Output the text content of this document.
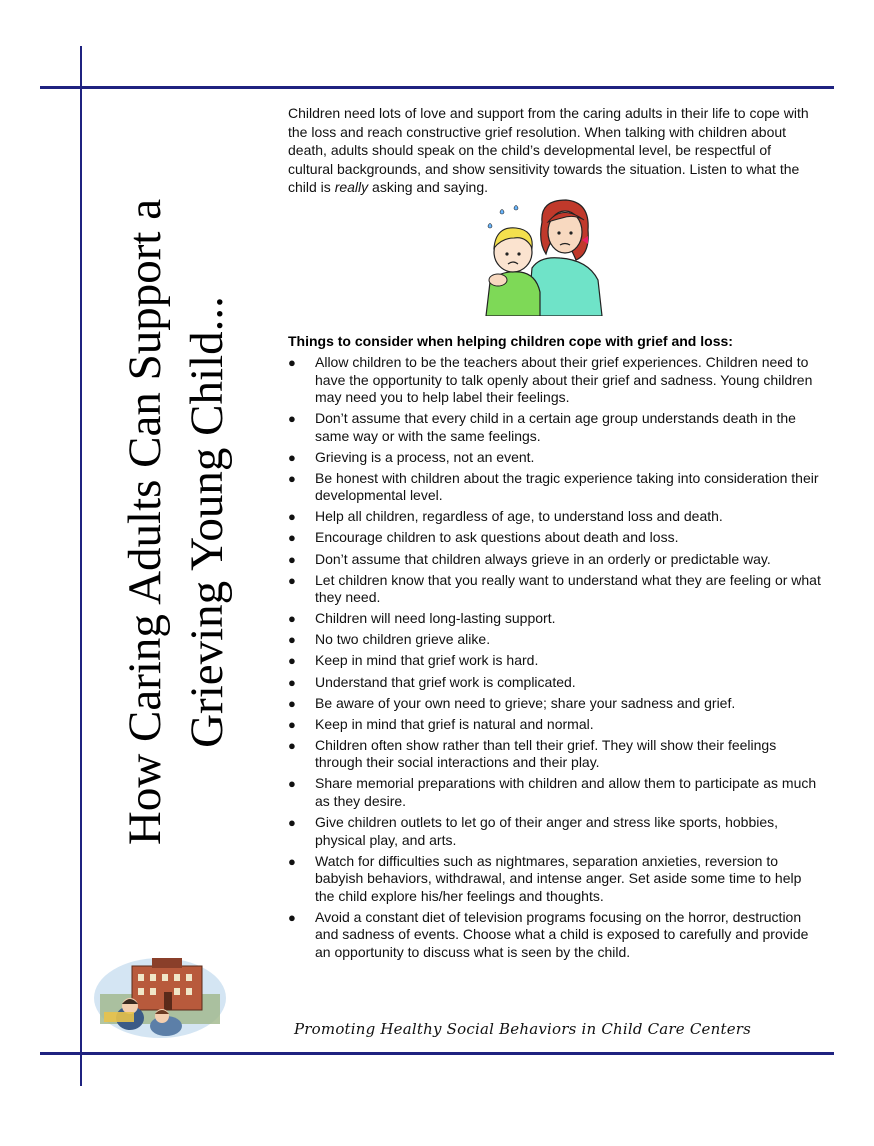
How Caring Adults Can Support a Grieving Young Child...

Children need lots of love and support from the caring adults in their life to cope with the loss and reach constructive grief resolution. When talking with children about death, adults should speak on the child’s developmental level, be respectful of cultural backgrounds, and show sensitivity towards the situation. Listen to what the child is really asking and saying.

Things to consider when helping children cope with grief and loss:
● Allow children to be the teachers about their grief experiences. Children need to have the opportunity to talk openly about their grief and sadness. Young children may need you to help label their feelings.
● Don’t assume that every child in a certain age group understands death in the same way or with the same feelings.
● Grieving is a process, not an event.
● Be honest with children about the tragic experience taking into consideration their developmental level.
● Help all children, regardless of age, to understand loss and death.
● Encourage children to ask questions about death and loss.
● Don’t assume that children always grieve in an orderly or predictable way.
● Let children know that you really want to understand what they are feeling or what they need.
● Children will need long-lasting support.
● No two children grieve alike.
● Keep in mind that grief work is hard.
● Understand that grief work is complicated.
● Be aware of your own need to grieve; share your sadness and grief.
● Keep in mind that grief is natural and normal.
● Children often show rather than tell their grief. They will show their feelings through their social interactions and their play.
● Share memorial preparations with children and allow them to participate as much as they desire.
● Give children outlets to let go of their anger and stress like sports, hobbies, physical play, and arts.
● Watch for difficulties such as nightmares, separation anxieties, reversion to babyish behaviors, withdrawal, and intense anger. Set aside some time to help the child explore his/her feelings and thoughts.
● Avoid a constant diet of television programs focusing on the horror, destruction and sadness of events. Choose what a child is exposed to carefully and provide an opportunity to discuss what is seen by the child.
Promoting Healthy Social Behaviors in Child Care Centers
